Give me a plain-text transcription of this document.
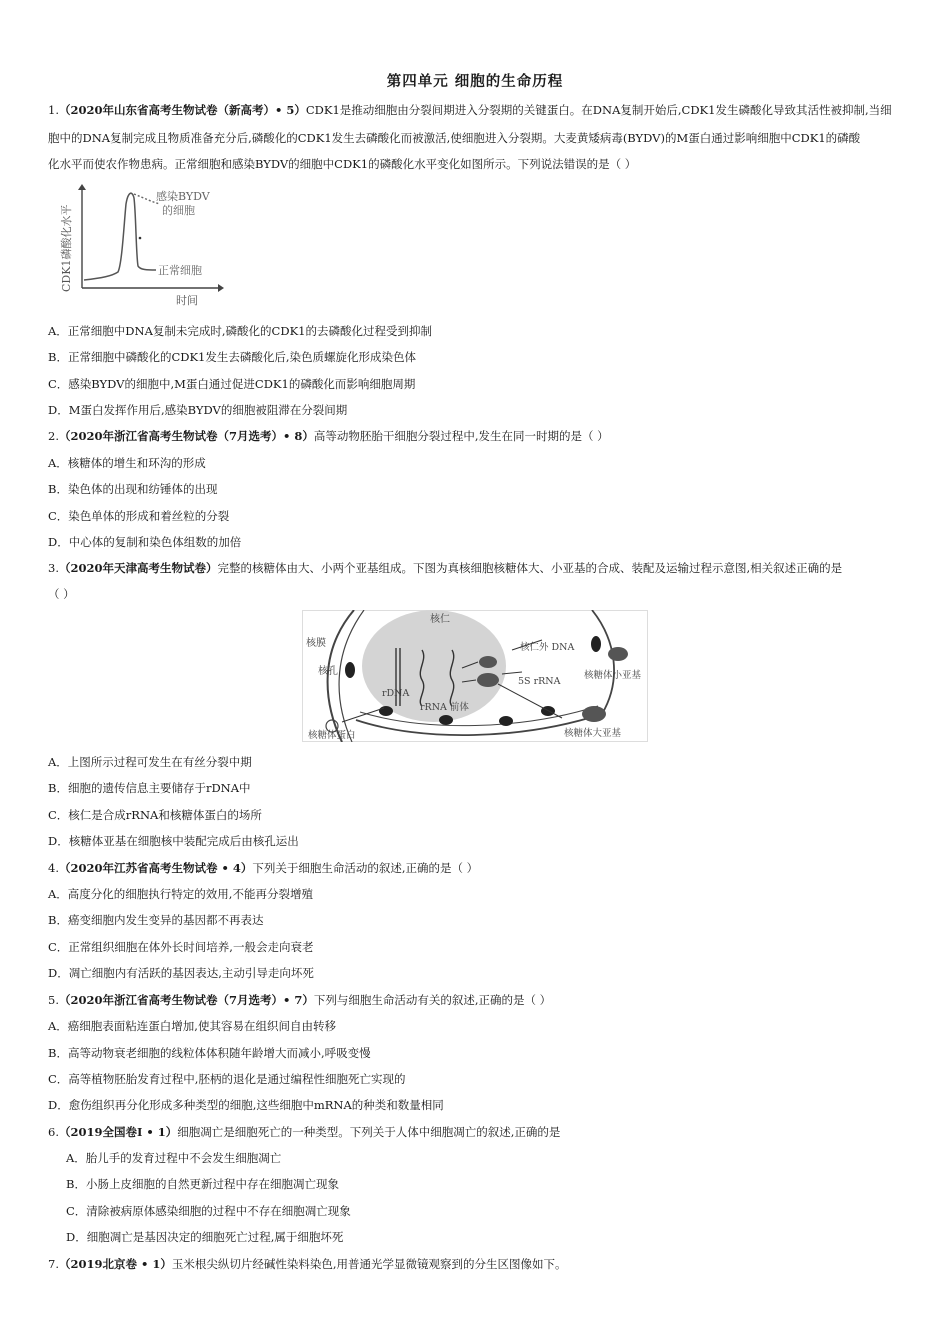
第四单元 细胞的生命历程
1.（2020年山东省高考生物试卷（新高考）• 5）CDK1是推动细胞由分裂间期进入分裂期的关键蛋白。在DNA复制开始后,CDK1发生磷酸化导致其活性被抑制,当细
胞中的DNA复制完成且物质准备充分后,磷酸化的CDK1发生去磷酸化而被激活,使细胞进入分裂期。大麦黄矮病毒(BYDV)的M蛋白通过影响细胞中CDK1的磷酸
化水平而使农作物患病。正常细胞和感染BYDV的细胞中CDK1的磷酸化水平变化如图所示。下列说法错误的是（ ）
CDK1磷酸化水平
时间
感染BYDV
的细胞
正常细胞
A．正常细胞中DNA复制未完成时,磷酸化的CDK1的去磷酸化过程受到抑制
B．正常细胞中磷酸化的CDK1发生去磷酸化后,染色质螺旋化形成染色体
C．感染BYDV的细胞中,M蛋白通过促进CDK1的磷酸化而影响细胞周期
D．M蛋白发挥作用后,感染BYDV的细胞被阻滞在分裂间期
2.（2020年浙江省高考生物试卷（7月选考）• 8）高等动物胚胎干细胞分裂过程中,发生在同一时期的是（ ）
A．核糖体的增生和环沟的形成
B．染色体的出现和纺锤体的出现
C．染色单体的形成和着丝粒的分裂
D．中心体的复制和染色体组数的加倍
3.（2020年天津高考生物试卷）完整的核糖体由大、小两个亚基组成。下图为真核细胞核糖体大、小亚基的合成、装配及运输过程示意图,相关叙述正确的是
（ ）
核膜
核仁
核孔
rDNA
rRNA 前体
核仁外 DNA
5S rRNA
核糖体小亚基
核糖体大亚基
核糖体蛋白
A．上图所示过程可发生在有丝分裂中期
B．细胞的遗传信息主要储存于rDNA中
C．核仁是合成rRNA和核糖体蛋白的场所
D．核糖体亚基在细胞核中装配完成后由核孔运出
4.（2020年江苏省高考生物试卷 • 4）下列关于细胞生命活动的叙述,正确的是（ ）
A．高度分化的细胞执行特定的效用,不能再分裂增殖
B．癌变细胞内发生变异的基因都不再表达
C．正常组织细胞在体外长时间培养,一般会走向衰老
D．凋亡细胞内有活跃的基因表达,主动引导走向坏死
5.（2020年浙江省高考生物试卷（7月选考）• 7）下列与细胞生命活动有关的叙述,正确的是（ ）
A．癌细胞表面粘连蛋白增加,使其容易在组织间自由转移
B．高等动物衰老细胞的线粒体体积随年龄增大而减小,呼吸变慢
C．高等植物胚胎发育过程中,胚柄的退化是通过编程性细胞死亡实现的
D．愈伤组织再分化形成多种类型的细胞,这些细胞中mRNA的种类和数量相同
6.（2019全国卷Ⅰ • 1）细胞凋亡是细胞死亡的一种类型。下列关于人体中细胞凋亡的叙述,正确的是
A．胎儿手的发育过程中不会发生细胞凋亡
B．小肠上皮细胞的自然更新过程中存在细胞凋亡现象
C．清除被病原体感染细胞的过程中不存在细胞凋亡现象
D．细胞凋亡是基因决定的细胞死亡过程,属于细胞坏死
7.（2019北京卷 • 1）玉米根尖纵切片经碱性染料染色,用普通光学显微镜观察到的分生区图像如下。
